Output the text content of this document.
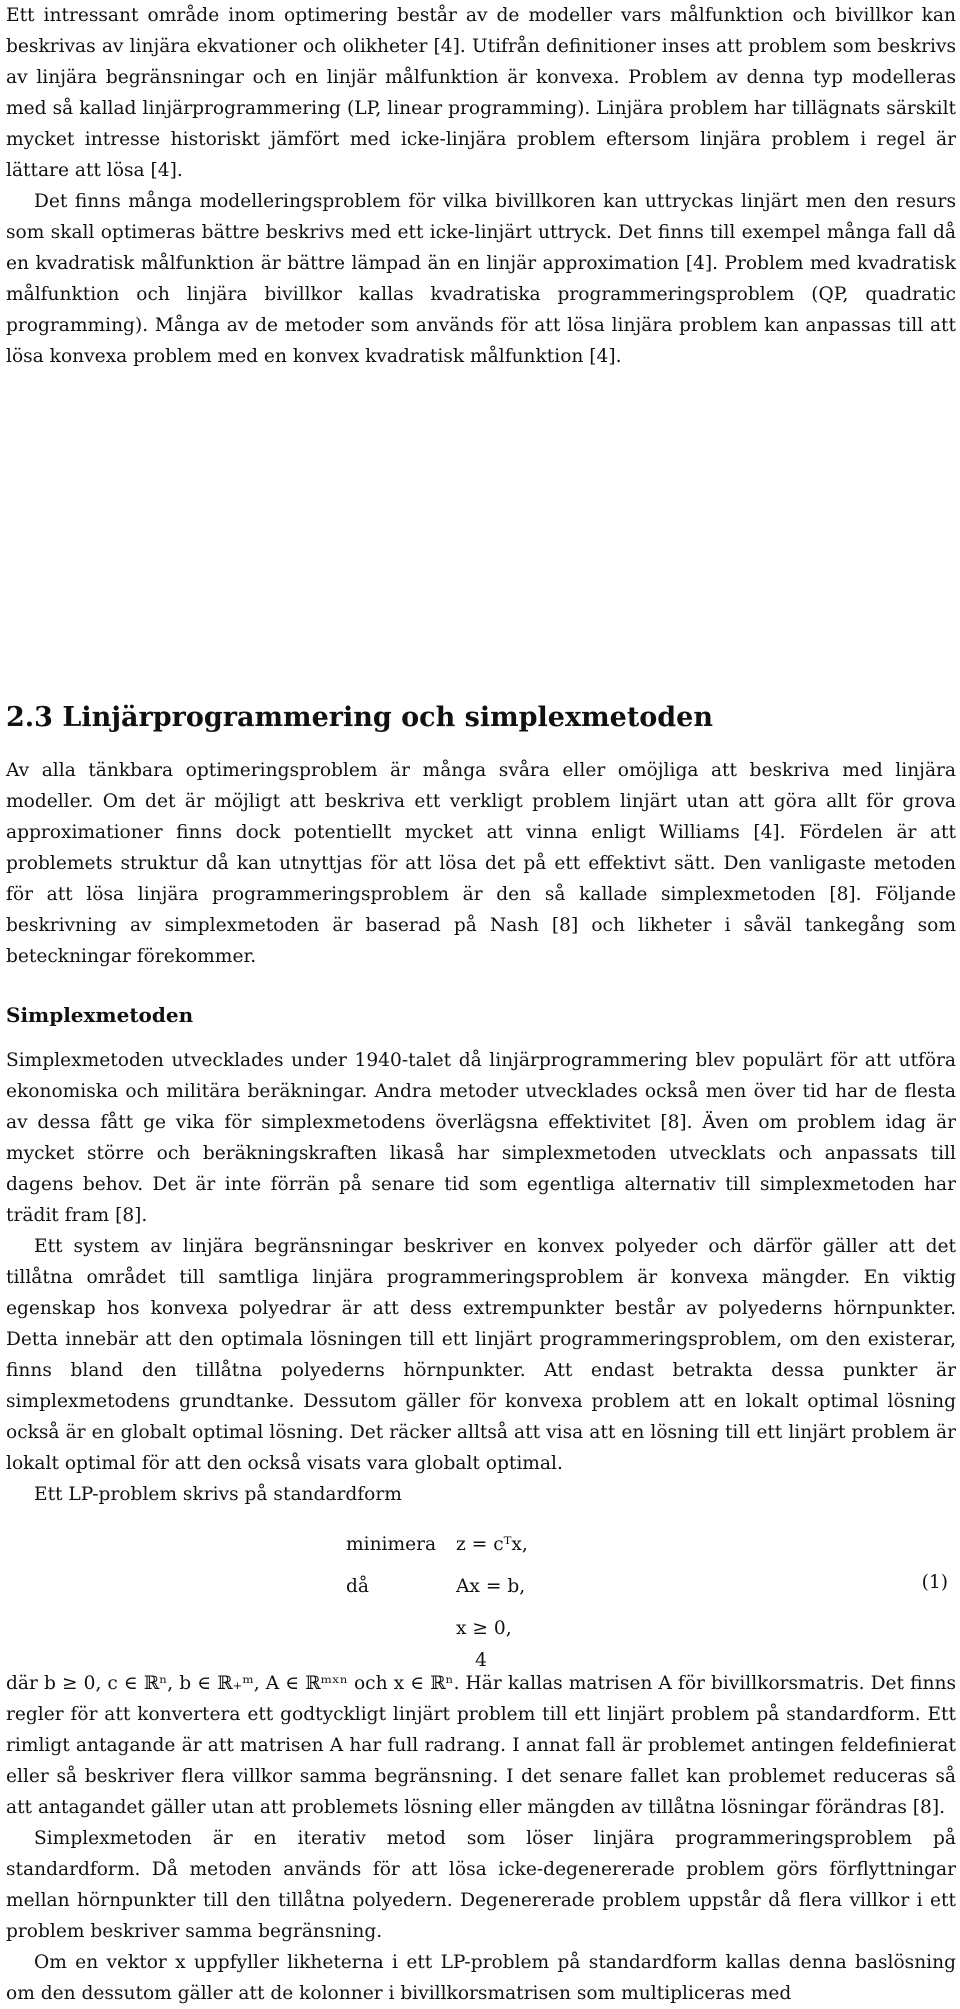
Ett intressant område inom optimering består av de modeller vars målfunktion och bivillkor kan beskrivas av linjära ekvationer och olikheter [4]. Utifrån definitioner inses att problem som beskrivs av linjära begränsningar och en linjär målfunktion är konvexa. Problem av denna typ modelleras med så kallad linjärprogrammering (LP, linear programming). Linjära problem har tillägnats särskilt mycket intresse historiskt jämfört med icke-linjära problem eftersom linjära problem i regel är lättare att lösa [4].

Det finns många modelleringsproblem för vilka bivillkoren kan uttryckas linjärt men den resurs som skall optimeras bättre beskrivs med ett icke-linjärt uttryck. Det finns till exempel många fall då en kvadratisk målfunktion är bättre lämpad än en linjär approximation [4]. Problem med kvadratisk målfunktion och linjära bivillkor kallas kvadratiska programmeringsproblem (QP, quadratic programming). Många av de metoder som används för att lösa linjära problem kan anpassas till att lösa konvexa problem med en konvex kvadratisk målfunktion [4].

2.3 Linjärprogrammering och simplexmetoden

Av alla tänkbara optimeringsproblem är många svåra eller omöjliga att beskriva med linjära modeller. Om det är möjligt att beskriva ett verkligt problem linjärt utan att göra allt för grova approximationer finns dock potentiellt mycket att vinna enligt Williams [4]. Fördelen är att problemets struktur då kan utnyttjas för att lösa det på ett effektivt sätt. Den vanligaste metoden för att lösa linjära programmeringsproblem är den så kallade simplexmetoden [8]. Följande beskrivning av simplexmetoden är baserad på Nash [8] och likheter i såväl tankegång som beteckningar förekommer.

Simplexmetoden

Simplexmetoden utvecklades under 1940-talet då linjärprogrammering blev populärt för att utföra ekonomiska och militära beräkningar. Andra metoder utvecklades också men över tid har de flesta av dessa fått ge vika för simplexmetodens överlägsna effektivitet [8]. Även om problem idag är mycket större och beräkningskraften likaså har simplexmetoden utvecklats och anpassats till dagens behov. Det är inte förrän på senare tid som egentliga alternativ till simplexmetoden har trädit fram [8].

Ett system av linjära begränsningar beskriver en konvex polyeder och därför gäller att det tillåtna området till samtliga linjära programmeringsproblem är konvexa mängder. En viktig egenskap hos konvexa polyedrar är att dess extrempunkter består av polyederns hörnpunkter. Detta innebär att den optimala lösningen till ett linjärt programmeringsproblem, om den existerar, finns bland den tillåtna polyederns hörnpunkter. Att endast betrakta dessa punkter är simplexmetodens grundtanke. Dessutom gäller för konvexa problem att en lokalt optimal lösning också är en globalt optimal lösning. Det räcker alltså att visa att en lösning till ett linjärt problem är lokalt optimal för att den också visats vara globalt optimal.

Ett LP-problem skrivs på standardform

minimera z = cᵀx,
då	Ax = b,
x ≥ 0,
(1)

där b ≥ 0, c ∈ ℝⁿ, b ∈ ℝ₊ᵐ, A ∈ ℝᵐˣⁿ och x ∈ ℝⁿ. Här kallas matrisen A för bivillkorsmatris. Det finns regler för att konvertera ett godtyckligt linjärt problem till ett linjärt problem på standardform. Ett rimligt antagande är att matrisen A har full radrang. I annat fall är problemet antingen feldefinierat eller så beskriver flera villkor samma begränsning. I det senare fallet kan problemet reduceras så att antagandet gäller utan att problemets lösning eller mängden av tillåtna lösningar förändras [8].

Simplexmetoden är en iterativ metod som löser linjära programmeringsproblem på standardform. Då metoden används för att lösa icke-degenererade problem görs förflyttningar mellan hörnpunkter till den tillåtna polyedern. Degenererade problem uppstår då flera villkor i ett problem beskriver samma begränsning.

Om en vektor x uppfyller likheterna i ett LP-problem på standardform kallas denna baslösning om den dessutom gäller att de kolonner i bivillkorsmatrisen som multipliceras med

4
